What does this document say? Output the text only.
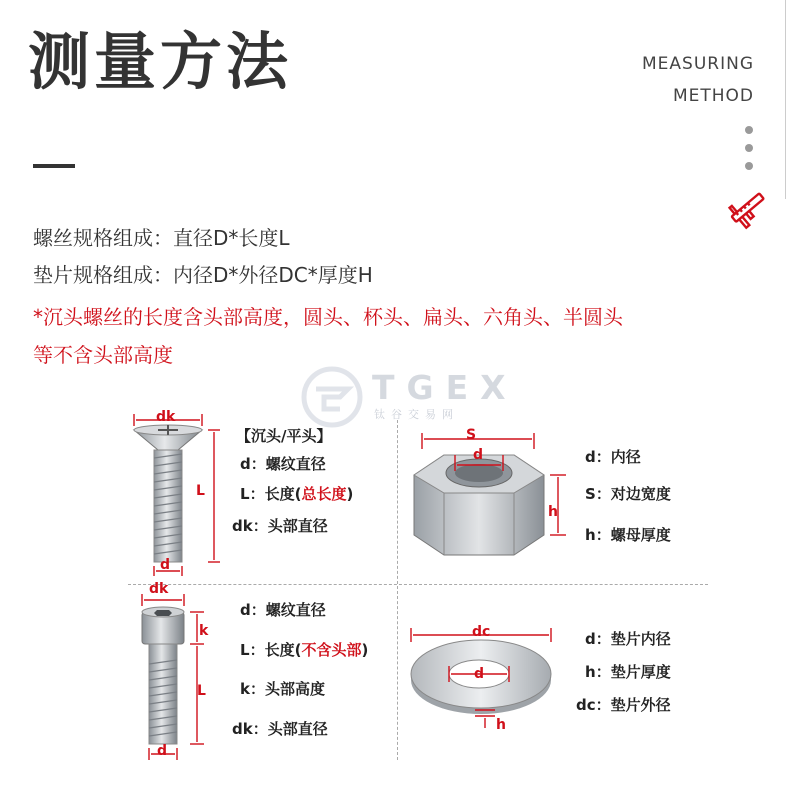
测量方法	MEASURING
METHOD
螺丝规格组成：直径D*长度L
垫片规格组成：内径D*外径DC*厚度H
*沉头螺丝的长度含头部高度，圆头、杯头、扁头、六角头、半圆头
等不含头部高度
TGEX
钛谷交易网
dk
L
d
【沉头/平头】
d：螺纹直径
L：长度(总长度)
dk：头部直径
S
d
h
d：内径
S：对边宽度
h：螺母厚度
dk
k
L
d
d：螺纹直径
L：长度(不含头部)
k：头部高度
dk：头部直径
dc
d
h
d：垫片内径
h：垫片厚度
dc：垫片外径
